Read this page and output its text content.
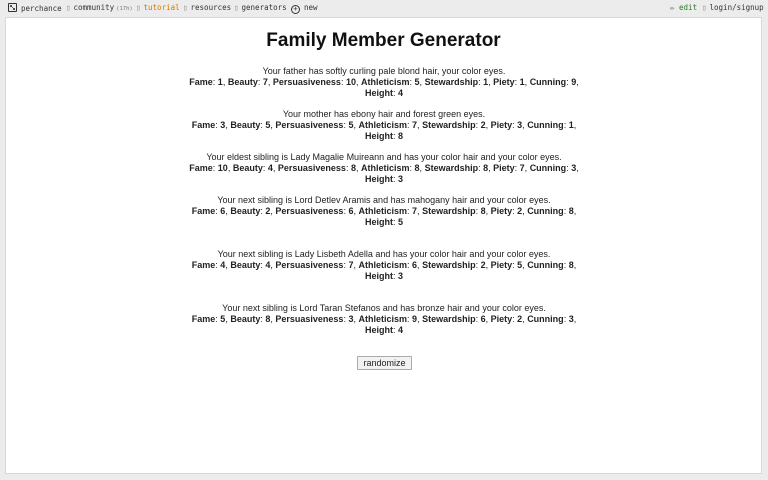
perchance ▯ community (17h) ▯ tutorial ▯ resources ▯ generators + new	✏ edit ▯ login/signup
Family Member Generator
Your father has softly curling pale blond hair, your color eyes.
Fame: 1, Beauty: 7, Persuasiveness: 10, Athleticism: 5, Stewardship: 1, Piety: 1, Cunning: 9, Height: 4
Your mother has ebony hair and forest green eyes.
Fame: 3, Beauty: 5, Persuasiveness: 5, Athleticism: 7, Stewardship: 2, Piety: 3, Cunning: 1, Height: 8
Your eldest sibling is Lady Magalie Muireann and has your color hair and your color eyes.
Fame: 10, Beauty: 4, Persuasiveness: 8, Athleticism: 8, Stewardship: 8, Piety: 7, Cunning: 3, Height: 3
Your next sibling is Lord Detlev Aramis and has mahogany hair and your color eyes.
Fame: 6, Beauty: 2, Persuasiveness: 6, Athleticism: 7, Stewardship: 8, Piety: 2, Cunning: 8, Height: 5
Your next sibling is Lady Lisbeth Adella and has your color hair and your color eyes.
Fame: 4, Beauty: 4, Persuasiveness: 7, Athleticism: 6, Stewardship: 2, Piety: 5, Cunning: 8, Height: 3
Your next sibling is Lord Taran Stefanos and has bronze hair and your color eyes.
Fame: 5, Beauty: 8, Persuasiveness: 3, Athleticism: 9, Stewardship: 6, Piety: 2, Cunning: 3, Height: 4
randomize
